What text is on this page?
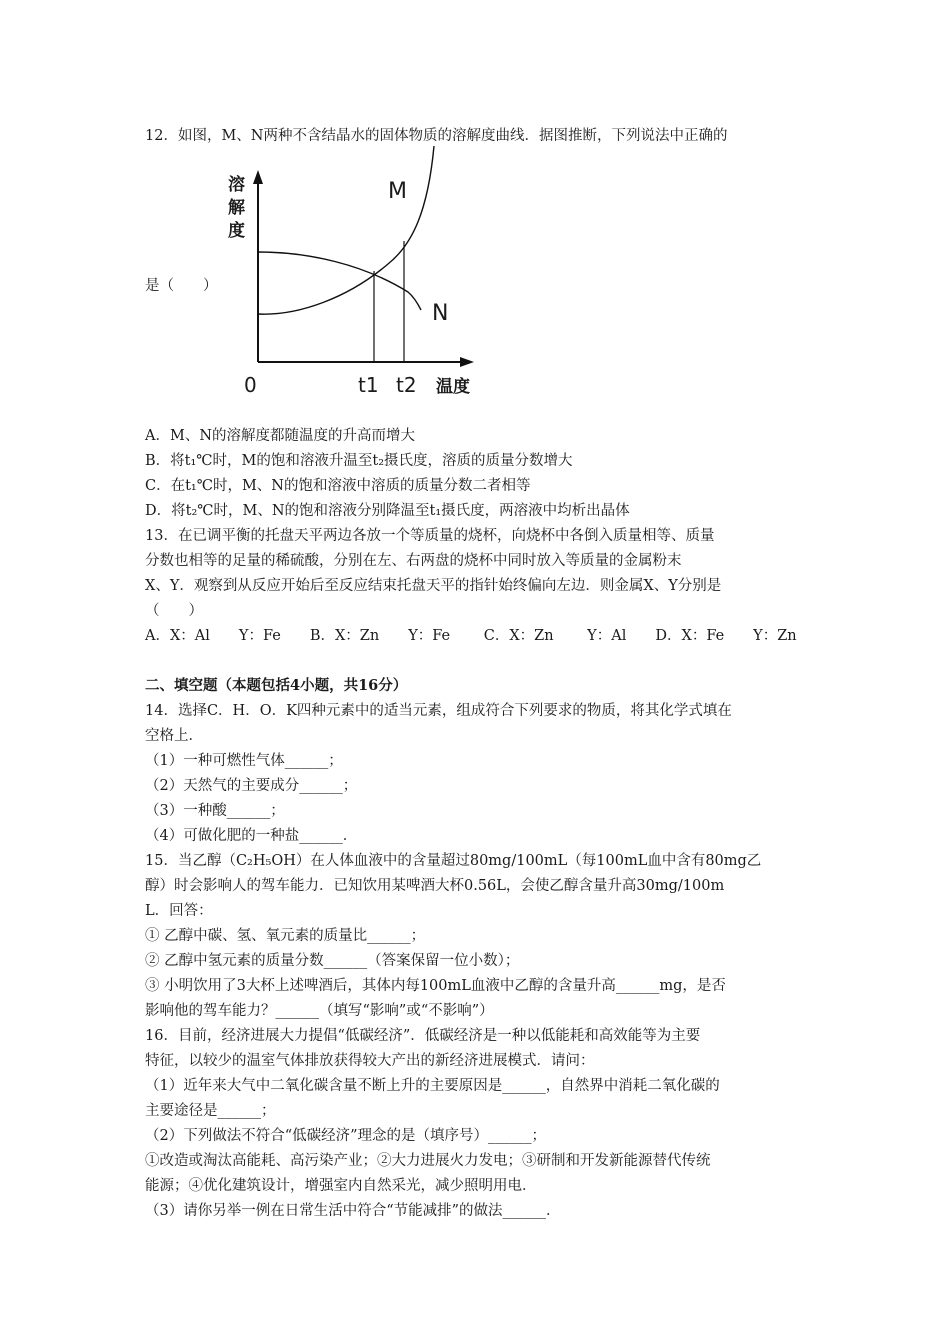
12．如图，M、N两种不含结晶水的固体物质的溶解度曲线．据图推断，下列说法中正确的
溶
解
度
M
N
0	t1 t2 温度
是（　　）
A．M、N的溶解度都随温度的升高而增大
B．将t₁℃时，M的饱和溶液升温至t₂摄氏度，溶质的质量分数增大
C．在t₁℃时，M、N的饱和溶液中溶质的质量分数二者相等
D．将t₂℃时，M、N的饱和溶液分别降温至t₁摄氏度，两溶液中均析出晶体
13．在已调平衡的托盘天平两边各放一个等质量的烧杯，向烧杯中各倒入质量相等、质量
分数也相等的足量的稀硫酸，分别在左、右两盘的烧杯中同时放入等质量的金属粉末
X、Y．观察到从反应开始后至反应结束托盘天平的指针始终偏向左边．则金属X、Y分别是
（　　）
A．X：Al　　Y：Fe　　B．X：Zn　　Y：Fe　　 C．X：Zn　　 Y：Al　　D．X：Fe　　Y：Zn
二、填空题（本题包括4小题，共16分）
14．选择C．H．O．K四种元素中的适当元素，组成符合下列要求的物质，将其化学式填在
空格上．
（1）一种可燃性气体______；
（2）天然气的主要成分______；
（3）一种酸______；
（4）可做化肥的一种盐______．
15．当乙醇（C₂H₅OH）在人体血液中的含量超过80mg/100mL（每100mL血中含有80mg乙
醇）时会影响人的驾车能力．已知饮用某啤酒大杯0.56L，会使乙醇含量升高30mg/100m
L．回答：
① 乙醇中碳、氢、氧元素的质量比______；
② 乙醇中氢元素的质量分数______（答案保留一位小数）；
③ 小明饮用了3大杯上述啤酒后，其体内每100mL血液中乙醇的含量升高______mg，是否
影响他的驾车能力？______（填写“影响”或“不影响”）
16．目前，经济进展大力提倡“低碳经济”．低碳经济是一种以低能耗和高效能等为主要
特征，以较少的温室气体排放获得较大产出的新经济进展模式．请问：
（1）近年来大气中二氧化碳含量不断上升的主要原因是______，自然界中消耗二氧化碳的
主要途径是______；
（2）下列做法不符合“低碳经济”理念的是（填序号）______；
①改造或淘汰高能耗、高污染产业；②大力进展火力发电；③研制和开发新能源替代传统
能源；④优化建筑设计，增强室内自然采光，减少照明用电．
（3）请你另举一例在日常生活中符合“节能减排”的做法______．
